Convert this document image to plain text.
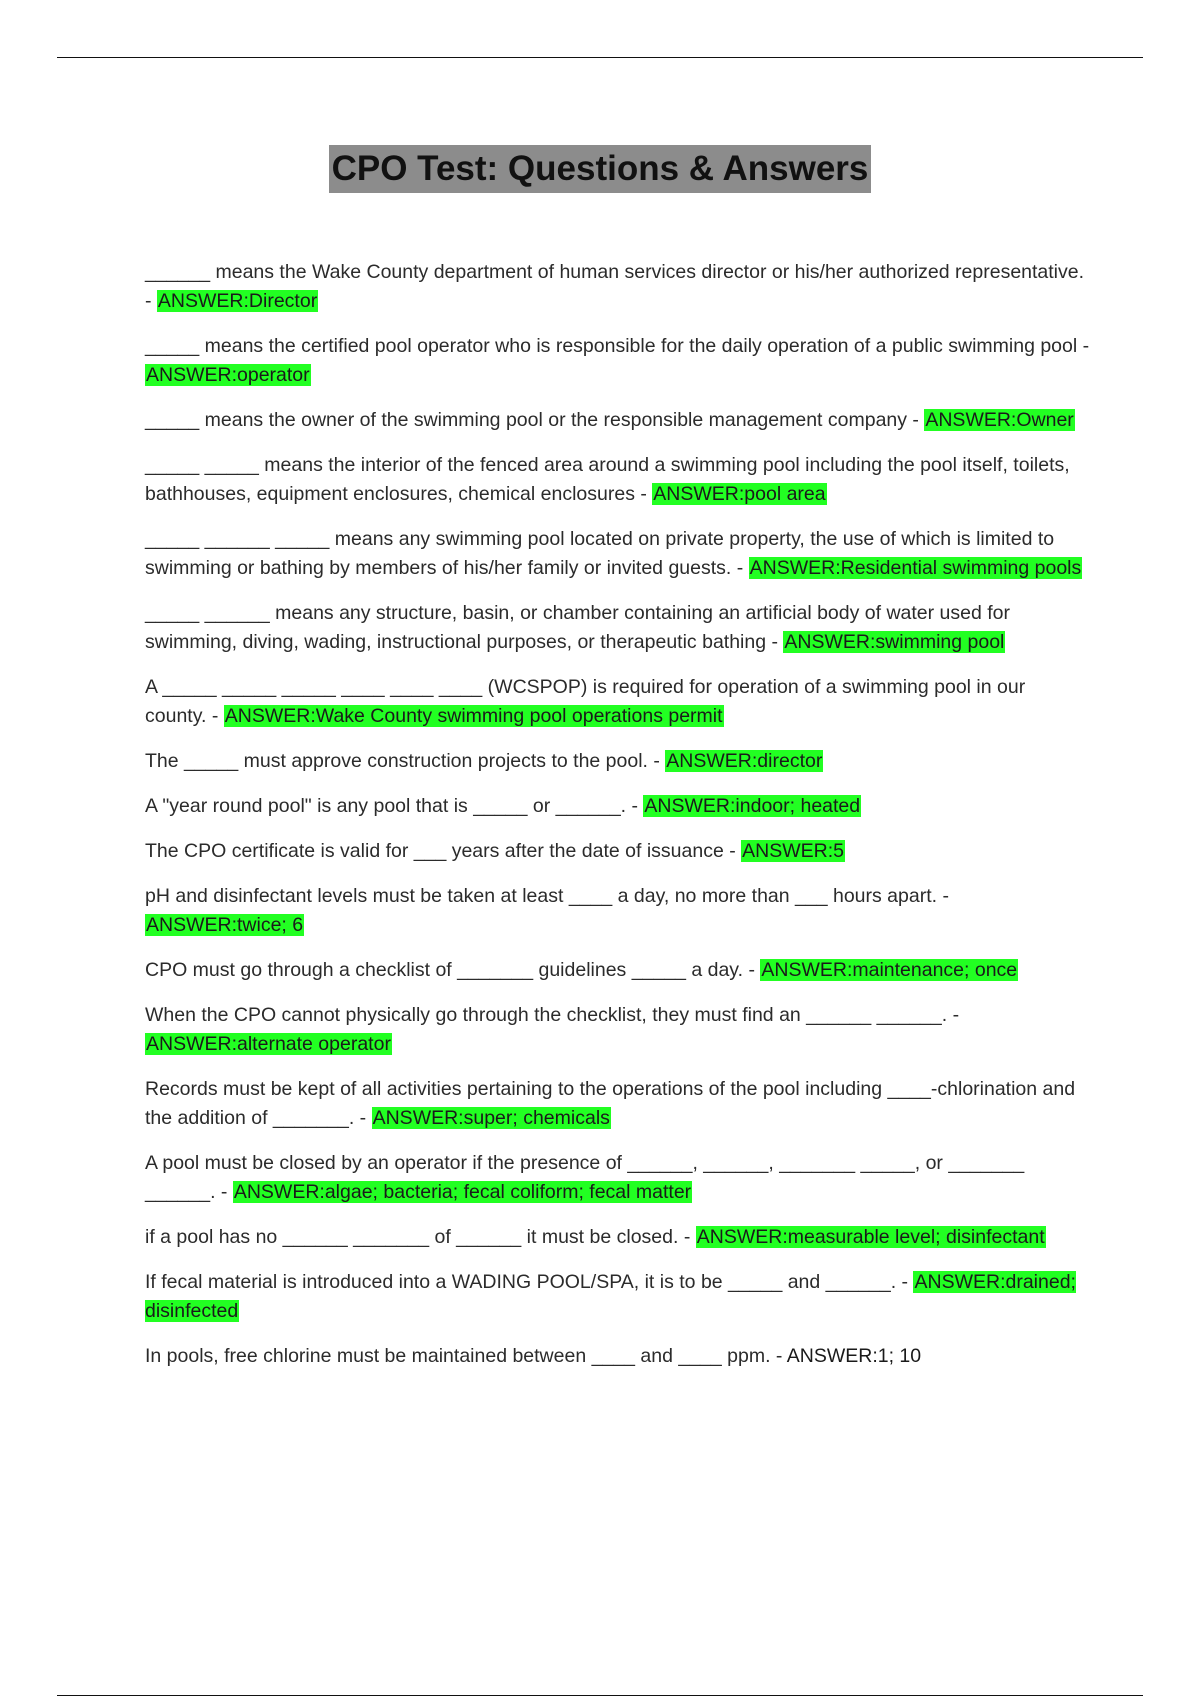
CPO Test: Questions & Answers

______ means the Wake County department of human services director or his/her authorized representative. - ANSWER:Director

_____ means the certified pool operator who is responsible for the daily operation of a public swimming pool - ANSWER:operator

_____ means the owner of the swimming pool or the responsible management company - ANSWER:Owner

_____ _____ means the interior of the fenced area around a swimming pool including the pool itself, toilets, bathhouses, equipment enclosures, chemical enclosures - ANSWER:pool area

_____ ______ _____ means any swimming pool located on private property, the use of which is limited to swimming or bathing by members of his/her family or invited guests. - ANSWER:Residential swimming pools

_____ ______ means any structure, basin, or chamber containing an artificial body of water used for swimming, diving, wading, instructional purposes, or therapeutic bathing - ANSWER:swimming pool

A _____ _____ _____ ____ ____ ____ (WCSPOP) is required for operation of a swimming pool in our county. - ANSWER:Wake County swimming pool operations permit

The _____ must approve construction projects to the pool. - ANSWER:director

A "year round pool" is any pool that is _____ or ______. - ANSWER:indoor; heated

The CPO certificate is valid for ___ years after the date of issuance - ANSWER:5

pH and disinfectant levels must be taken at least ____ a day, no more than ___ hours apart. - ANSWER:twice; 6

CPO must go through a checklist of _______ guidelines _____ a day. - ANSWER:maintenance; once

When the CPO cannot physically go through the checklist, they must find an ______ ______. - ANSWER:alternate operator

Records must be kept of all activities pertaining to the operations of the pool including ____-chlorination and the addition of _______. - ANSWER:super; chemicals

A pool must be closed by an operator if the presence of ______, ______, _______ _____, or _______ ______. - ANSWER:algae; bacteria; fecal coliform; fecal matter

if a pool has no ______ _______ of ______ it must be closed. - ANSWER:measurable level; disinfectant

If fecal material is introduced into a WADING POOL/SPA, it is to be _____ and ______. - ANSWER:drained; disinfected

In pools, free chlorine must be maintained between ____ and ____ ppm. - ANSWER:1; 10
